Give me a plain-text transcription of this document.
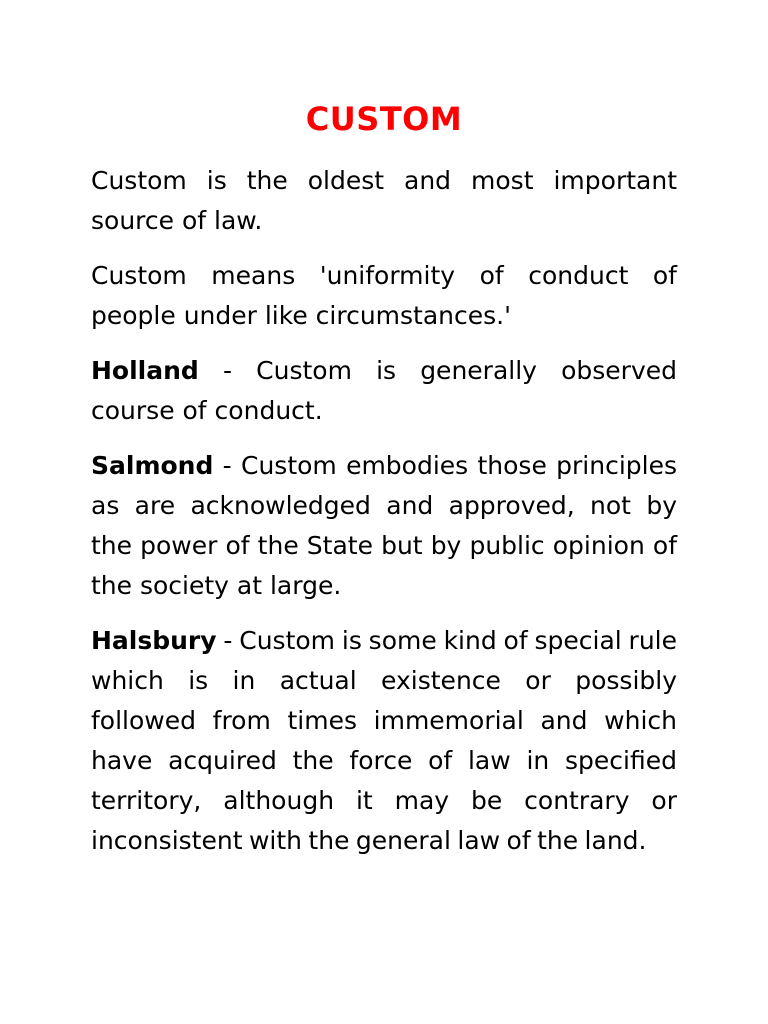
CUSTOM

Custom is the oldest and most important source of law.

Custom means 'uniformity of conduct of people under like circumstances.'

Holland - Custom is generally observed course of conduct.

Salmond - Custom embodies those principles as are acknowledged and approved, not by the power of the State but by public opinion of the society at large.

Halsbury - Custom is some kind of special rule which is in actual existence or possibly followed from times immemorial and which have acquired the force of law in specified territory, although it may be contrary or inconsistent with the general law of the land.
